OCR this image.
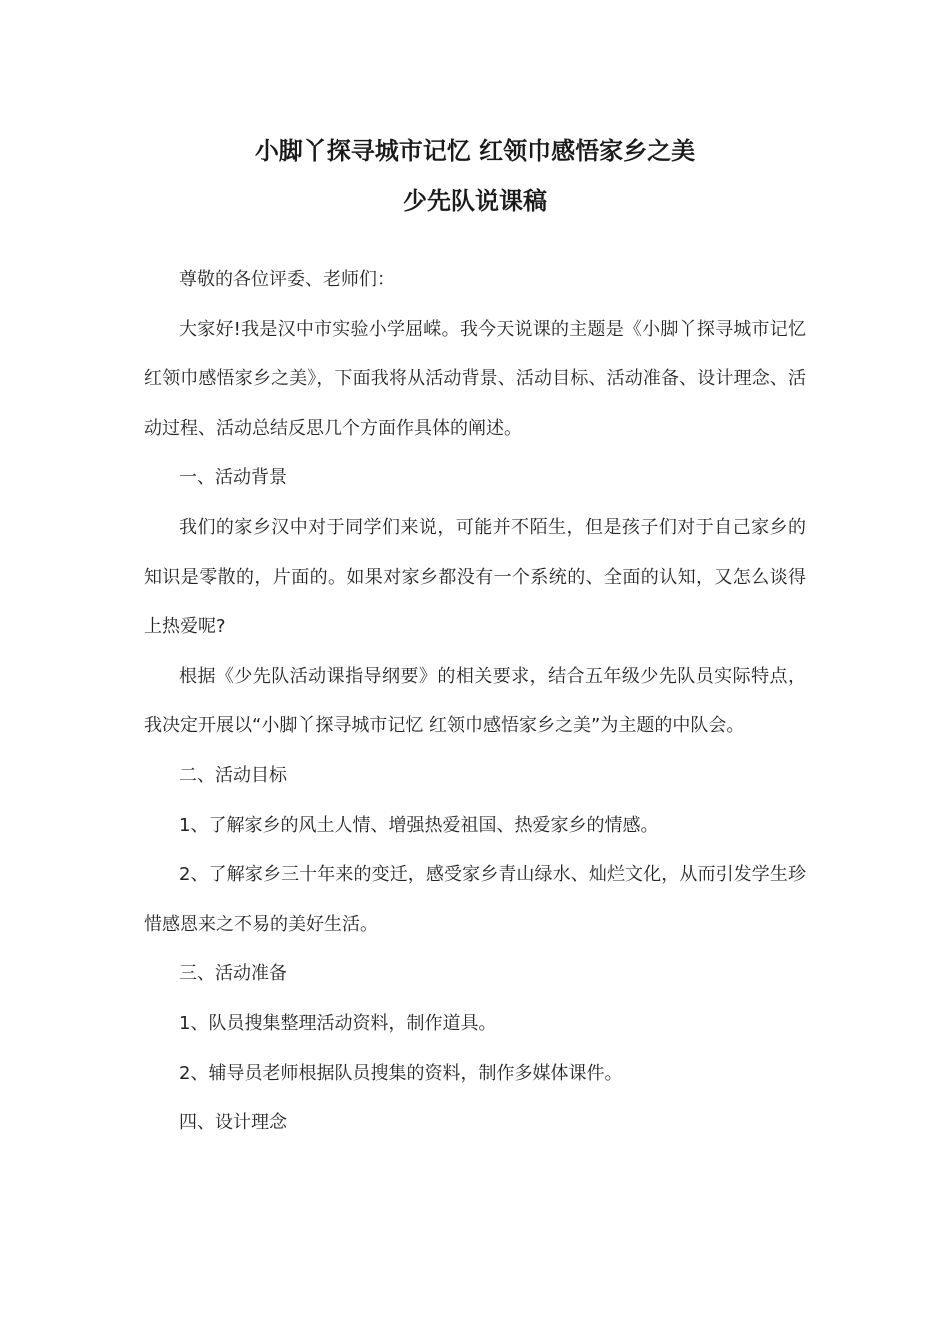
小脚丫探寻城市记忆 红领巾感悟家乡之美
少先队说课稿

尊敬的各位评委、老师们：

大家好!我是汉中市实验小学屈嵘。我今天说课的主题是《小脚丫探寻城市记忆 红领巾感悟家乡之美》，下面我将从活动背景、活动目标、活动准备、设计理念、活动过程、活动总结反思几个方面作具体的阐述。

一、活动背景

我们的家乡汉中对于同学们来说，可能并不陌生，但是孩子们对于自己家乡的知识是零散的，片面的。如果对家乡都没有一个系统的、全面的认知，又怎么谈得上热爱呢?

根据《少先队活动课指导纲要》的相关要求，结合五年级少先队员实际特点，我决定开展以“小脚丫探寻城市记忆 红领巾感悟家乡之美”为主题的中队会。

二、活动目标

1、了解家乡的风土人情、增强热爱祖国、热爱家乡的情感。

2、了解家乡三十年来的变迁，感受家乡青山绿水、灿烂文化，从而引发学生珍惜感恩来之不易的美好生活。

三、活动准备

1、队员搜集整理活动资料，制作道具。

2、辅导员老师根据队员搜集的资料，制作多媒体课件。

四、设计理念
